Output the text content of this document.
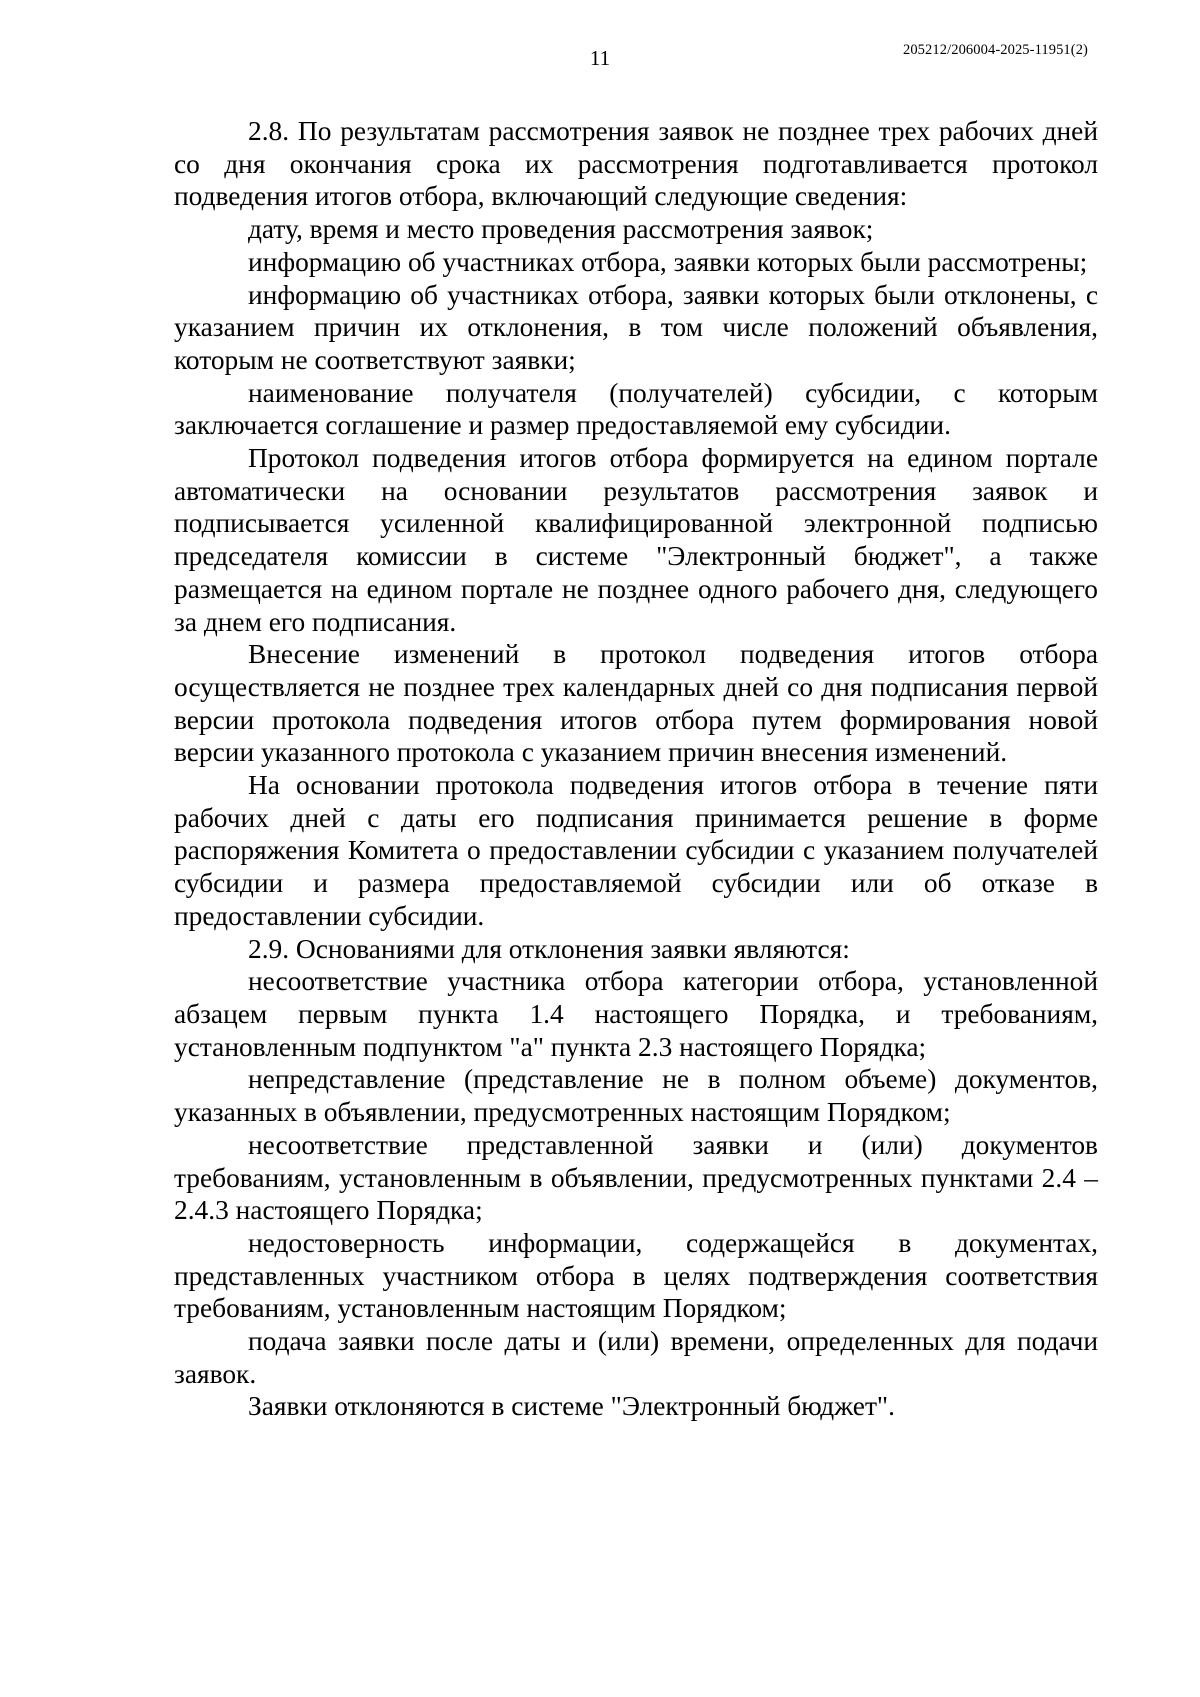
11	205212/206004-2025-11951(2)

2.8. По результатам рассмотрения заявок не позднее трех рабочих дней со дня окончания срока их рассмотрения подготавливается протокол подведения итогов отбора, включающий следующие сведения:

дату, время и место проведения рассмотрения заявок;

информацию об участниках отбора, заявки которых были рассмотрены;

информацию об участниках отбора, заявки которых были отклонены, с указанием причин их отклонения, в том числе положений объявления, которым не соответствуют заявки;

наименование получателя (получателей) субсидии, с которым заключается соглашение и размер предоставляемой ему субсидии.

Протокол подведения итогов отбора формируется на едином портале автоматически на основании результатов рассмотрения заявок и подписывается усиленной квалифицированной электронной подписью председателя комиссии в системе "Электронный бюджет", а также размещается на едином портале не позднее одного рабочего дня, следующего за днем его подписания.

Внесение изменений в протокол подведения итогов отбора осуществляется не позднее трех календарных дней со дня подписания первой версии протокола подведения итогов отбора путем формирования новой версии указанного протокола с указанием причин внесения изменений.

На основании протокола подведения итогов отбора в течение пяти рабочих дней с даты его подписания принимается решение в форме распоряжения Комитета о предоставлении субсидии с указанием получателей субсидии и размера предоставляемой субсидии или об отказе в предоставлении субсидии.

2.9. Основаниями для отклонения заявки являются:

несоответствие участника отбора категории отбора, установленной абзацем первым пункта 1.4 настоящего Порядка, и требованиям, установленным подпунктом "а" пункта 2.3 настоящего Порядка;

непредставление (представление не в полном объеме) документов, указанных в объявлении, предусмотренных настоящим Порядком;

несоответствие представленной заявки и (или) документов требованиям, установленным в объявлении, предусмотренных пунктами 2.4 – 2.4.3 настоящего Порядка;

недостоверность информации, содержащейся в документах, представленных участником отбора в целях подтверждения соответствия требованиям, установленным настоящим Порядком;

подача заявки после даты и (или) времени, определенных для подачи заявок.

Заявки отклоняются в системе "Электронный бюджет".
